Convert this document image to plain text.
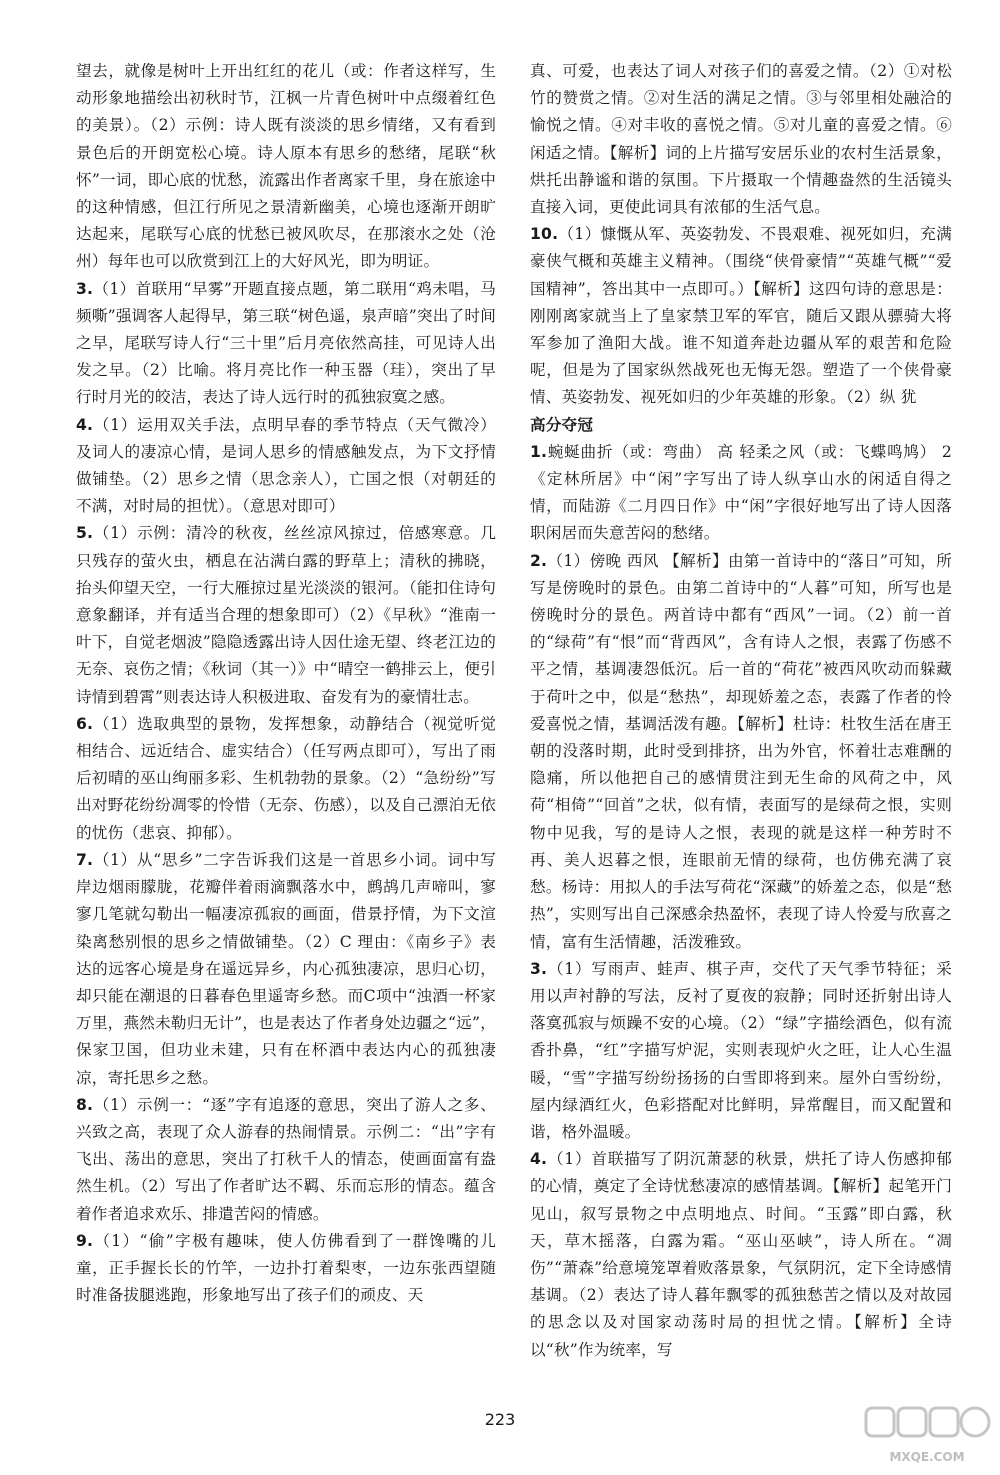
望去，就像是树叶上开出红红的花儿（或：作者这样写，生动形象地描绘出初秋时节，江枫一片青色树叶中点缀着红色的美景）。（2）示例：诗人既有淡淡的思乡情绪，又有看到景色后的开朗宽松心境。诗人原本有思乡的愁绪，尾联“秋怀”一词，即心底的忧愁，流露出作者离家千里，身在旅途中的这种情感，但江行所见之景清新幽美，心境也逐渐开朗旷达起来，尾联写心底的忧愁已被风吹尽，在那滚水之处（沧州）每年也可以欣赏到江上的大好风光，即为明证。

3.（1）首联用“早雾”开题直接点题，第二联用“鸡未唱，马频嘶”强调客人起得早，第三联“树色遥，泉声暗”突出了时间之早，尾联写诗人行“三十里”后月亮依然高挂，可见诗人出发之早。（2）比喻。将月亮比作一种玉器（珪），突出了早行时月光的皎洁，表达了诗人远行时的孤独寂寞之感。

4.（1）运用双关手法，点明早春的季节特点（天气微冷）及词人的凄凉心情，是词人思乡的情感触发点，为下文抒情做铺垫。（2）思乡之情（思念亲人），亡国之恨（对朝廷的不满，对时局的担忧）。（意思对即可）

5.（1）示例：清冷的秋夜，丝丝凉风掠过，倍感寒意。几只残存的萤火虫，栖息在沾满白露的野草上；清秋的拂晓，抬头仰望天空，一行大雁掠过星光淡淡的银河。（能扣住诗句意象翻译，并有适当合理的想象即可）（2）《早秋》“淮南一叶下，自觉老烟波”隐隐透露出诗人因仕途无望、终老江边的无奈、哀伤之情；《秋词（其一）》中“晴空一鹤排云上，便引诗情到碧霄”则表达诗人积极进取、奋发有为的豪情壮志。

6.（1）选取典型的景物，发挥想象，动静结合（视觉听觉相结合、远近结合、虚实结合）（任写两点即可），写出了雨后初晴的巫山绚丽多彩、生机勃勃的景象。（2）“急纷纷”写出对野花纷纷凋零的怜惜（无奈、伤感），以及自己漂泊无依的忧伤（悲哀、抑郁）。

7.（1）从“思乡”二字告诉我们这是一首思乡小词。词中写岸边烟雨朦胧，花瓣伴着雨滴飘落水中，鹧鸪几声啼叫，寥寥几笔就勾勒出一幅凄凉孤寂的画面，借景抒情，为下文渲染离愁别恨的思乡之情做铺垫。（2）C 理由：《南乡子》表达的远客心境是身在遥远异乡，内心孤独凄凉，思归心切，却只能在潮退的日暮春色里遥寄乡愁。而C项中“浊酒一杯家万里，燕然未勒归无计”，也是表达了作者身处边疆之“远”，保家卫国，但功业未建，只有在杯酒中表达内心的孤独凄凉，寄托思乡之愁。

8.（1）示例一：“逐”字有追逐的意思，突出了游人之多、兴致之高，表现了众人游春的热闹情景。示例二：“出”字有飞出、荡出的意思，突出了打秋千人的情态，使画面富有盎然生机。（2）写出了作者旷达不羁、乐而忘形的情态。蕴含着作者追求欢乐、排遣苦闷的情感。

9.（1）“偷”字极有趣味，使人仿佛看到了一群馋嘴的儿童，正手握长长的竹竿，一边扑打着梨枣，一边东张西望随时准备拔腿逃跑，形象地写出了孩子们的顽皮、天

真、可爱，也表达了词人对孩子们的喜爱之情。（2）①对松竹的赞赏之情。②对生活的满足之情。③与邻里相处融洽的愉悦之情。④对丰收的喜悦之情。⑤对儿童的喜爱之情。⑥闲适之情。【解析】词的上片描写安居乐业的农村生活景象，烘托出静谧和谐的氛围。下片摄取一个情趣盎然的生活镜头直接入词，更使此词具有浓郁的生活气息。

10.（1）慷慨从军、英姿勃发、不畏艰难、视死如归，充满豪侠气概和英雄主义精神。（围绕“侠骨豪情”“英雄气概”“爱国精神”，答出其中一点即可。）【解析】这四句诗的意思是：刚刚离家就当上了皇家禁卫军的军官，随后又跟从骠骑大将军参加了渔阳大战。谁不知道奔赴边疆从军的艰苦和危险呢，但是为了国家纵然战死也无悔无怨。塑造了一个侠骨豪情、英姿勃发、视死如归的少年英雄的形象。（2）纵 犹

高分夺冠

1.蜿蜒曲折（或：弯曲） 高 轻柔之风（或：飞蝶鸣鸠） 2《定林所居》中“闲”字写出了诗人纵享山水的闲适自得之情，而陆游《二月四日作》中“闲”字很好地写出了诗人因落职闲居而失意苦闷的愁绪。

2.（1）傍晚 西风 【解析】由第一首诗中的“落日”可知，所写是傍晚时的景色。由第二首诗中的“人暮”可知，所写也是傍晚时分的景色。两首诗中都有“西风”一词。（2）前一首的“绿荷”有“恨”而“背西风”，含有诗人之恨，表露了伤感不平之情，基调凄怨低沉。后一首的“荷花”被西风吹动而躲藏于荷叶之中，似是“愁热”，却现娇羞之态，表露了作者的怜爱喜悦之情，基调活泼有趣。【解析】杜诗：杜牧生活在唐王朝的没落时期，此时受到排挤，出为外官，怀着壮志难酬的隐痛，所以他把自己的感情贯注到无生命的风荷之中，风荷“相倚”“回首”之状，似有情，表面写的是绿荷之恨，实则物中见我，写的是诗人之恨，表现的就是这样一种芳时不再、美人迟暮之恨，连眼前无情的绿荷，也仿佛充满了哀愁。杨诗：用拟人的手法写荷花“深藏”的娇羞之态，似是“愁热”，实则写出自己深感余热盈怀，表现了诗人怜爱与欣喜之情，富有生活情趣，活泼雅致。

3.（1）写雨声、蛙声、棋子声，交代了天气季节特征；采用以声衬静的写法，反衬了夏夜的寂静；同时还折射出诗人落寞孤寂与烦躁不安的心境。（2）“绿”字描绘酒色，似有流香扑鼻，“红”字描写炉泥，实则表现炉火之旺，让人心生温暖，“雪”字描写纷纷扬扬的白雪即将到来。屋外白雪纷纷，屋内绿酒红火，色彩搭配对比鲜明，异常醒目，而又配置和谐，格外温暖。

4.（1）首联描写了阴沉萧瑟的秋景，烘托了诗人伤感抑郁的心情，奠定了全诗忧愁凄凉的感情基调。【解析】起笔开门见山，叙写景物之中点明地点、时间。“玉露”即白露，秋天，草木摇落，白露为霜。“巫山巫峡”，诗人所在。“凋伤”“萧森”给意境笼罩着败落景象，气氛阴沉，定下全诗感情基调。（2）表达了诗人暮年飘零的孤独愁苦之情以及对故园的思念以及对国家动荡时局的担忧之情。【解析】全诗以“秋”作为统率，写

223
MXQE.COM
